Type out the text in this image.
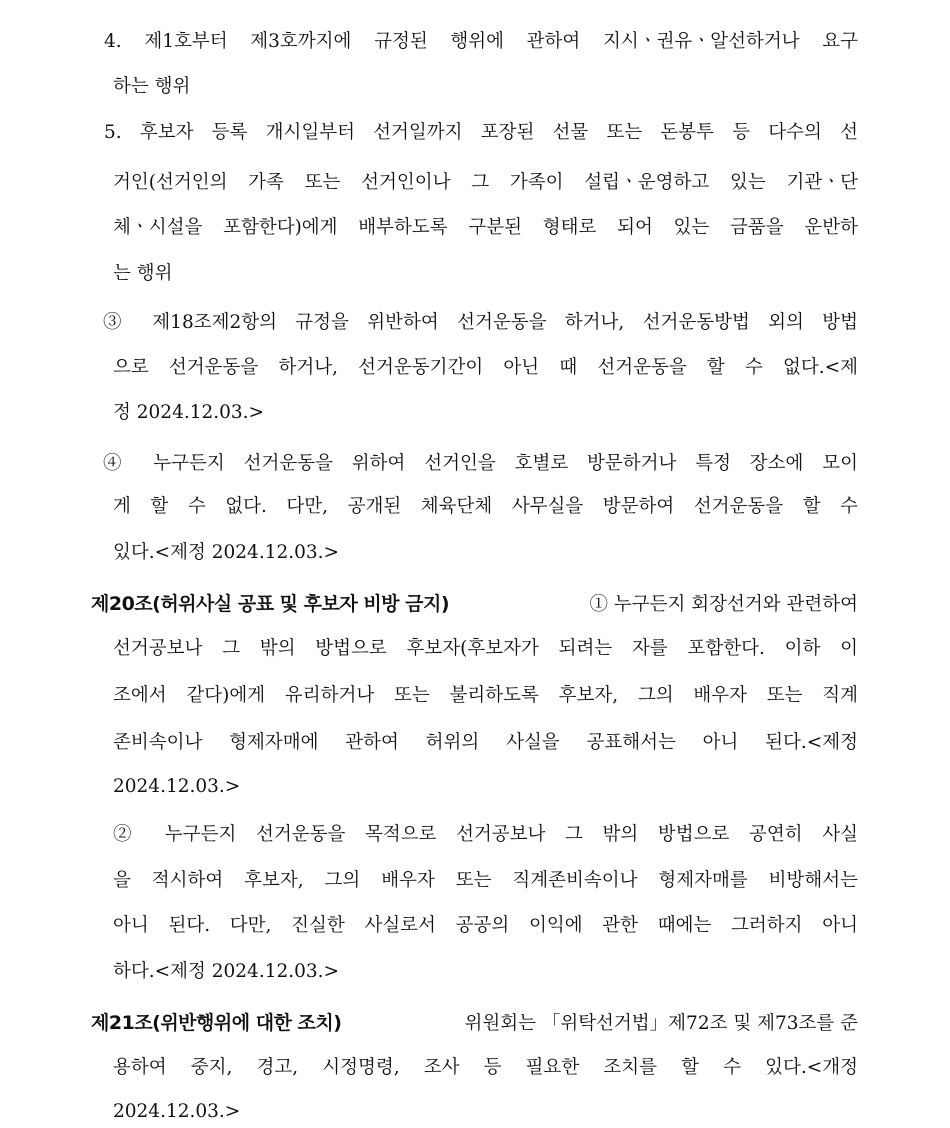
4. 제1호부터 제3호까지에 규정된 행위에 관하여 지시ㆍ권유ㆍ알선하거나 요구
하는 행위
5. 후보자 등록 개시일부터 선거일까지 포장된 선물 또는 돈봉투 등 다수의 선
거인(선거인의 가족 또는 선거인이나 그 가족이 설립ㆍ운영하고 있는 기관ㆍ단
체ㆍ시설을 포함한다)에게 배부하도록 구분된 형태로 되어 있는 금품을 운반하
는 행위
③ 제18조제2항의 규정을 위반하여 선거운동을 하거나, 선거운동방법 외의 방법
으로 선거운동을 하거나, 선거운동기간이 아닌 때 선거운동을 할 수 없다.<제
정 2024.12.03.>
④ 누구든지 선거운동을 위하여 선거인을 호별로 방문하거나 특정 장소에 모이
게 할 수 없다. 다만, 공개된 체육단체 사무실을 방문하여 선거운동을 할 수
있다.<제정 2024.12.03.>
제20조(허위사실 공표 및 후보자 비방 금지)	① 누구든지 회장선거와 관련하여
선거공보나 그 밖의 방법으로 후보자(후보자가 되려는 자를 포함한다. 이하 이
조에서 같다)에게 유리하거나 또는 불리하도록 후보자, 그의 배우자 또는 직계
존비속이나 형제자매에 관하여 허위의 사실을 공표해서는 아니 된다.<제정
2024.12.03.>
② 누구든지 선거운동을 목적으로 선거공보나 그 밖의 방법으로 공연히 사실
을 적시하여 후보자, 그의 배우자 또는 직계존비속이나 형제자매를 비방해서는
아니 된다. 다만, 진실한 사실로서 공공의 이익에 관한 때에는 그러하지 아니
하다.<제정 2024.12.03.>
제21조(위반행위에 대한 조치)	위원회는 「위탁선거법」제72조 및 제73조를 준
용하여 중지, 경고, 시정명령, 조사 등 필요한 조치를 할 수 있다.<개정
2024.12.03.>
